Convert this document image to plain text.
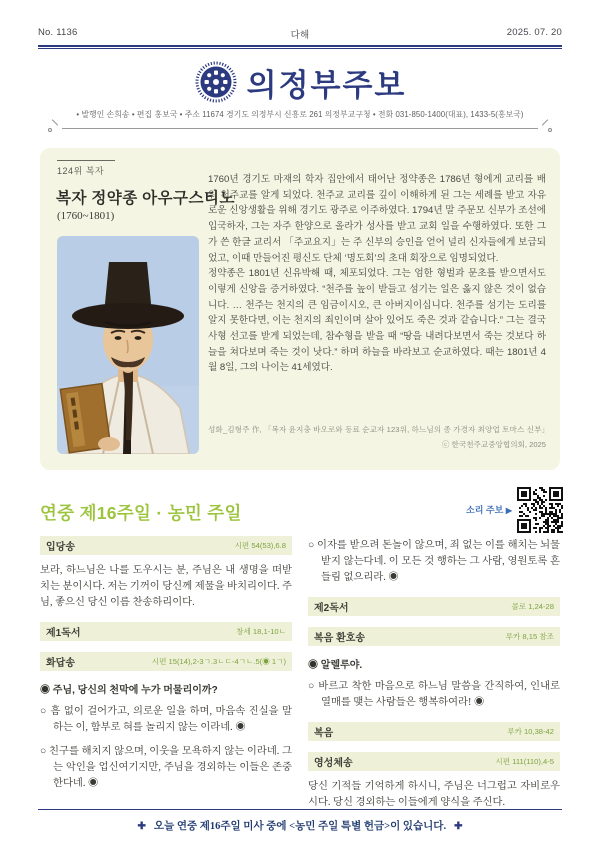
No. 1136	다해	2025. 07. 20
의정부주보
• 발행인 손희송 • 편집 홍보국 • 주소 11674 경기도 의정부시 신흥로 261 의정부교구청 • 전화 031-850-1400(대표), 1433-5(홍보국)
124위 복자
복자 정약종 아우구스티노
(1760~1801)

1760년 경기도 마재의 학자 집안에서 태어난 정약종은 1786년 형에게 교리를 배워 천주교를 알게 되었다. 천주교 교리를 깊이 이해하게 된 그는 세례를 받고 자유로운 신앙생활을 위해 경기도 광주로 이주하였다. 1794년 말 주문모 신부가 조선에 입국하자, 그는 자주 한양으로 올라가 성사를 받고 교회 일을 수행하였다. 또한 그가 쓴 한글 교리서 「주교요지」는 주 신부의 승인을 얻어 널리 신자들에게 보급되었고, 이때 만들어진 평신도 단체 ‘명도회’의 초대 회장으로 임명되었다.

정약종은 1801년 신유박해 때, 체포되었다. 그는 엄한 형벌과 문초를 받으면서도 이렇게 신앙을 증거하였다. “천주를 높이 받들고 섬기는 일은 옳지 않은 것이 없습니다. … 천주는 천지의 큰 임금이시오, 큰 아버지이십니다. 천주를 섬기는 도리를 알지 못한다면, 이는 천지의 죄인이며 살아 있어도 죽은 것과 같습니다.” 그는 결국 사형 선고를 받게 되었는데, 참수형을 받을 때 “땅을 내려다보면서 죽는 것보다 하늘을 쳐다보며 죽는 것이 낫다.” 하며 하늘을 바라보고 순교하였다. 때는 1801년 4월 8일, 그의 나이는 41세였다.

성화_김형주 作, 「복자 윤지충 바오로와 동료 순교자 123위, 하느님의 종 가경자 최양업 토마스 신부」
ⓒ 한국천주교중앙협의회, 2025
연중 제16주일 · 농민 주일	소리 주보 ▶
입당송	시편 54(53),6.8

보라, 하느님은 나를 도우시는 분, 주님은 내 생명을 떠받치는 분이시다. 저는 기꺼이 당신께 제물을 바치리이다. 주님, 좋으신 당신 이름 찬송하리이다.

제1독서	창세 18,1-10ㄴ
화답송	시편 15(14),2-3ㄱ.3ㄴㄷ-4ㄱㄴ.5(◉ 1ㄱ)

◉ 주님, 당신의 천막에 누가 머물리이까?

○ 흠 없이 걸어가고, 의로운 일을 하며, 마음속 진실을 말하는 이, 함부로 혀를 놀리지 않는 이라네. ◉

○ 친구를 해치지 않으며, 이웃을 모욕하지 않는 이라네. 그는 악인을 업신여기지만, 주님을 경외하는 이들은 존중한다네. ◉

○ 이자를 받으려 돈놀이 않으며, 죄 없는 이를 해치는 뇌물 받지 않는다네. 이 모든 것 행하는 그 사람, 영원토록 흔들림 없으리라. ◉

제2독서	콜로 1,24-28
복음 환호송	루카 8,15 참조

◉ 알렐루야.

○ 바르고 착한 마음으로 하느님 말씀을 간직하여, 인내로 열매를 맺는 사람들은 행복하여라! ◉

복음	루카 10,38-42
영성체송	시편 111(110),4-5

당신 기적들 기억하게 하시니, 주님은 너그럽고 자비로우시다. 당신 경외하는 이들에게 양식을 주신다.

✚ 오늘 연중 제16주일 미사 중에 <농민 주일 특별 헌금>이 있습니다. ✚
